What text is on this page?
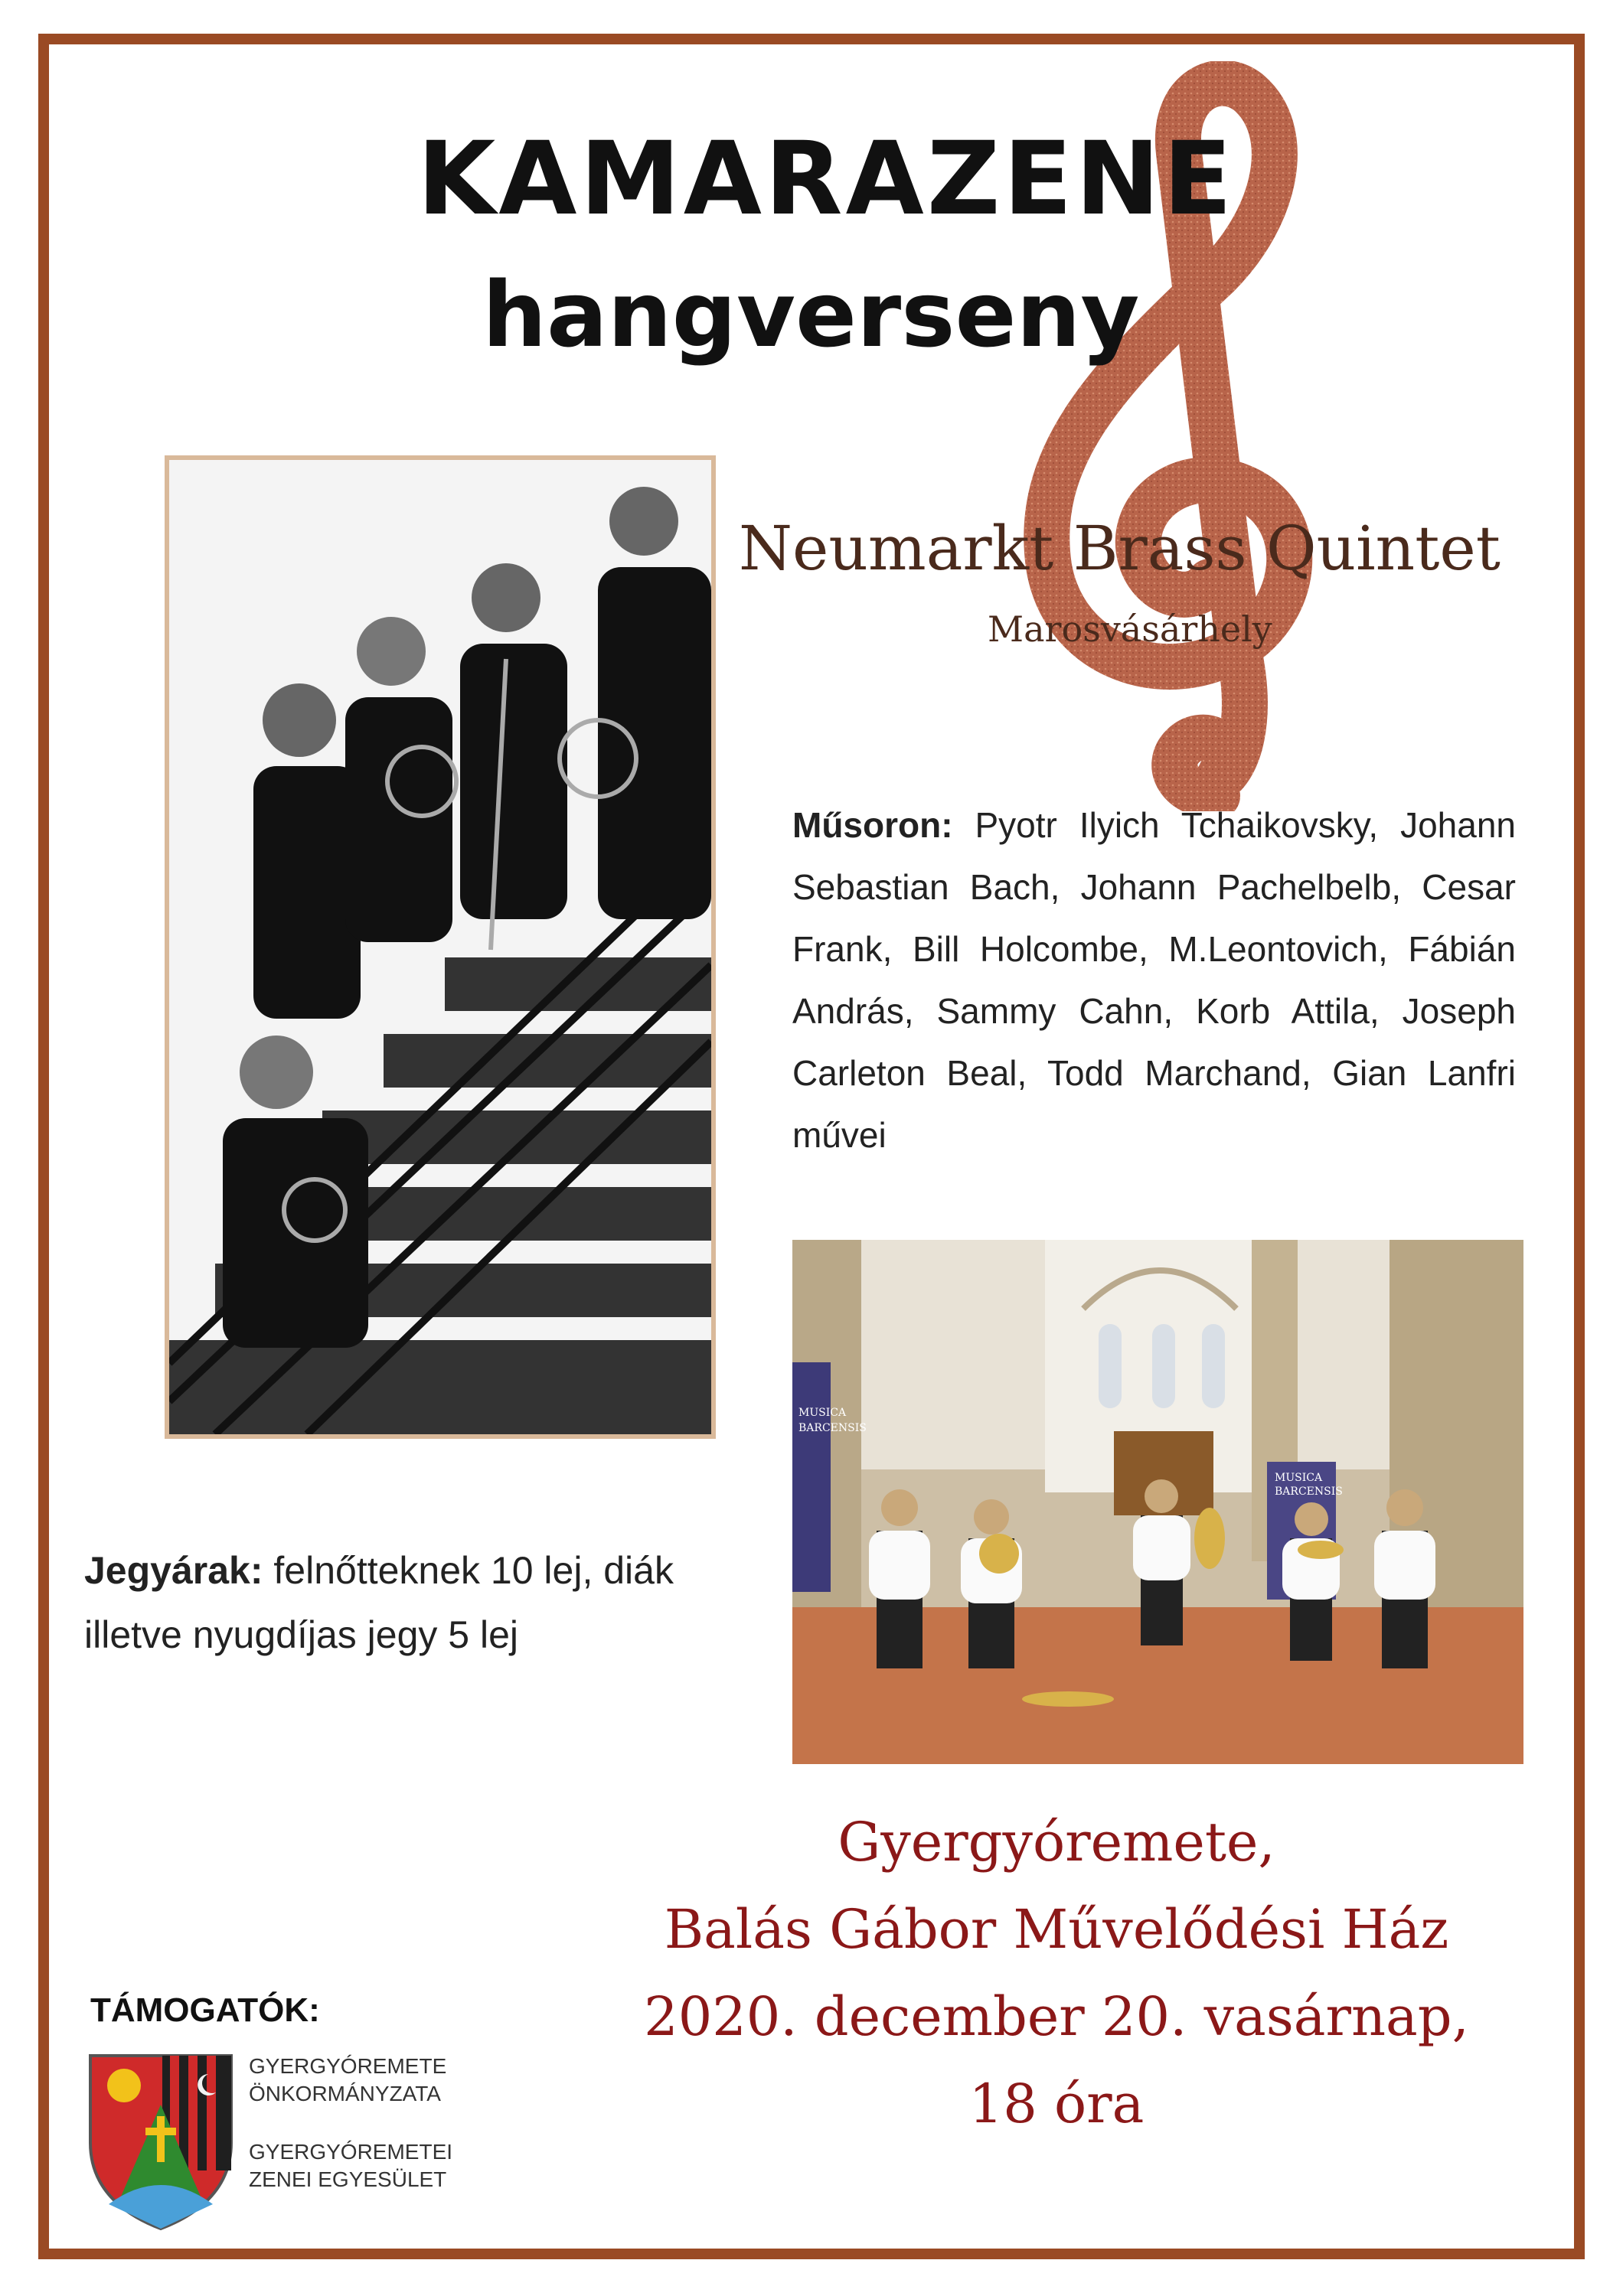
KAMARAZENE
hangverseny
Neumarkt Brass Quintet
Marosvásárhely
Műsoron: Pyotr Ilyich Tchaikovsky, Johann Sebastian Bach, Johann Pachelbelb, Cesar Frank, Bill Holcombe, M.Leontovich, Fábián András, Sammy Cahn, Korb Attila, Joseph Carleton Beal, Todd Marchand, Gian Lanfri művei
MUSICA
BARCENSIS
MUSICA
BARCENSIS
Jegyárak: felnőtteknek 10 lej, diák illetve nyugdíjas jegy 5 lej
Gyergyóremete,
Balás Gábor Művelődési Ház
2020. december 20. vasárnap,
18 óra
TÁMOGATÓK:
GYERGYÓREMETE
ÖNKORMÁNYZATA
GYERGYÓREMETEI
ZENEI EGYESÜLET
